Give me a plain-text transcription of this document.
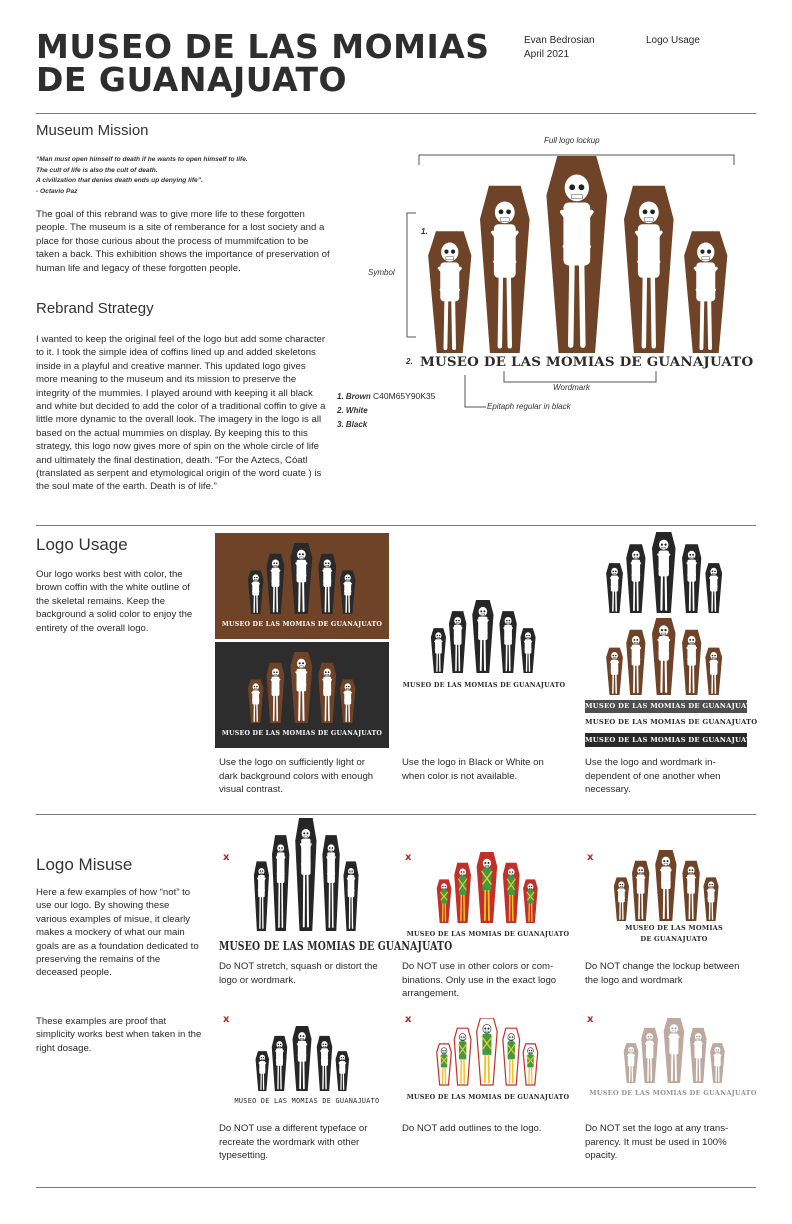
MUSEO DE LAS MOMIAS DE GUANAJUATO
Evan Bedrosian
April 2021
Logo Usage
Museum Mission
“Man must open himself to death if he wants to open himself to life.
The cult of life is also the cult of death.
A civilization that denies death ends up denying life”.
- Octavio Paz
The goal of this rebrand was to give more life to these forgotten people. The museum is a site of remberance for a lost society and a place for those curious about the process of mummifcation to be taken a back. This exhibition shows the importance of preservation of human life and legacy of these forgotten people.
Rebrand Strategy
I wanted to keep the original feel of the logo but add some character to it. I took the simple idea of coffins lined up and added skeletons inside in a playful and creative manner. This updated logo gives more meaning to the museum and its mission to preserve the integrity of the mummies. I played around with keeping it all black and white but decided to add the color of a traditional coffin to give a little more dynamic to the overall look. The imagery in the logo is all based on the actual mummies on display. By keeping this to this strategy, this logo now gives more of spin on the whole circle of life and ultimately the final destination, death. “For the Aztecs, Cóatl (translated as serpent and etymological origin of the word cuate ) is the soul mate of the earth. Death is of life.”
Full logo lockup
Symbol
1.
2. MUSEO DE LAS MOMIAS DE GUANAJUATO
Wordmark
Epitaph regular in black
1. Brown C40M65Y90K35
2. White
3. Black
Logo Usage
Our logo works best with color, the brown coffin with the white outline of the skeletal remains. Keep the background a solid color to enjoy the entirety of the overall logo.	MUSEO DE LAS MOMIAS DE GUANAJUATO
MUSEO DE LAS MOMIAS DE GUANAJUATO
MUSEO DE LAS MOMIAS DE GUANAJUATO
MUSEO DE LAS MOMIAS DE GUANAJUATO
MUSEO DE LAS MOMIAS DE GUANAJUATO
MUSEO DE LAS MOMIAS DE GUANAJUATO
Use the logo on sufficiently light or dark background colors with enough visual contrast.
Use the logo in Black or White on when color is not available.
Use the logo and wordmark in-dependent of one another when necessary.
Logo Misuse
Here a few examples of how “not” to use our logo. By showing these various examples of misue, it clearly makes a mockery of what our main goals are as a foundation dedicated to preserving the remains of the deceased people.
These examples are proof that simplicity works best when taken in the right dosage.
x
MUSEO DE LAS MOMIAS DE GUANAJUATO
Do NOT stretch, squash or distort the logo or wordmark.
x
MUSEO DE LAS MOMIAS DE GUANAJUATO
Do NOT use in other colors or com-binations. Only use in the exact logo arrangement.
x
MUSEO DE LAS MOMIAS DE GUANAJUATO
Do NOT change the lockup between the logo and wordmark
x
MUSEO DE LAS MOMIAS DE GUANAJUATO
Do NOT use a different typeface or recreate the wordmark with other typesetting.
x
MUSEO DE LAS MOMIAS DE GUANAJUATO
Do NOT add outlines to the logo.
x
MUSEO DE LAS MOMIAS DE GUANAJUATO
Do NOT set the logo at any trans-parency. It must be used in 100% opacity.
